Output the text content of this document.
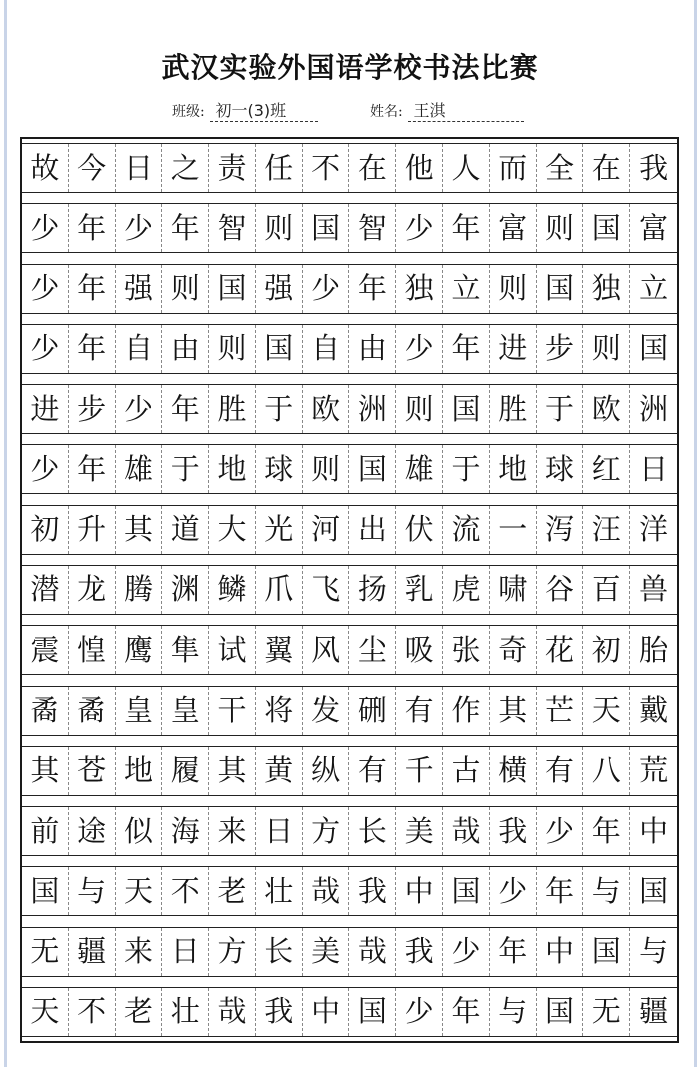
武汉实验外国语学校书法比赛
班级: 初一(3)班	姓名: 王淇
故 今 日 之 责 任 不 在 他 人 而 全 在 我
少 年 少 年 智 则 国 智 少 年 富 则 国 富
少 年 强 则 国 强 少 年 独 立 则 国 独 立
少 年 自 由 则 国 自 由 少 年 进 步 则 国
进 步 少 年 胜 于 欧 洲 则 国 胜 于 欧 洲
少 年 雄 于 地 球 则 国 雄 于 地 球 红 日
初 升 其 道 大 光 河 出 伏 流 一 泻 汪 洋
潜 龙 腾 渊 鳞 爪 飞 扬 乳 虎 啸 谷 百 兽
震 惶 鹰 隼 试 翼 风 尘 吸 张 奇 花 初 胎
矞 矞 皇 皇 干 将 发 硎 有 作 其 芒 天 戴
其 苍 地 履 其 黄 纵 有 千 古 横 有 八 荒
前 途 似 海 来 日 方 长 美 哉 我 少 年 中
国 与 天 不 老 壮 哉 我 中 国 少 年 与 国
无 疆 来 日 方 长 美 哉 我 少 年 中 国 与
天 不 老 壮 哉 我 中 国 少 年 与 国 无 疆
